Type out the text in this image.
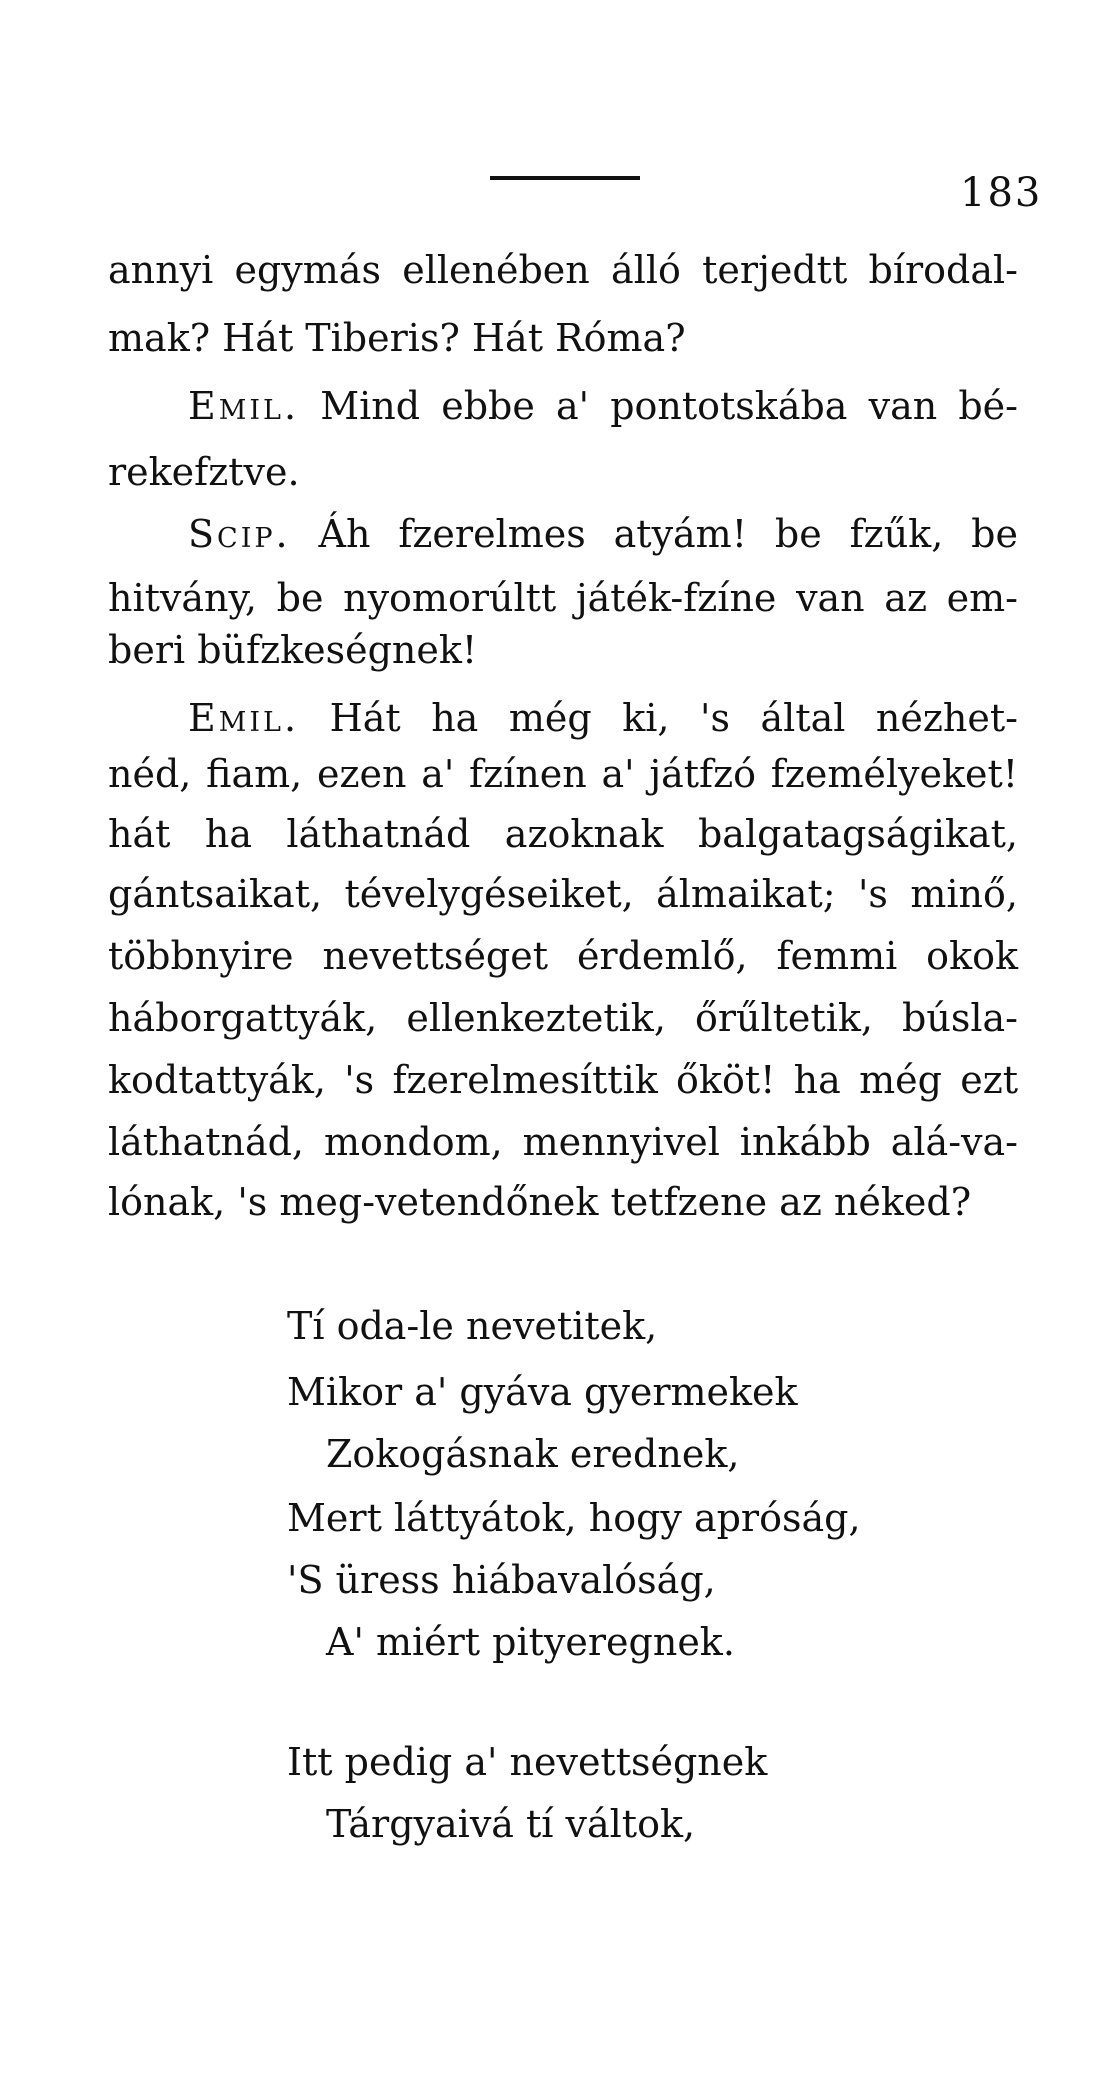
183
annyi egymás ellenében álló terjedtt bírodal-
mak? Hát Tiberis? Hát Róma?
Emil. Mind ebbe a' pontotskába van bé-
rekefztve.
Scip. Áh fzerelmes atyám! be fzűk, be
hitvány, be nyomorúltt játék-fzíne van az em-
beri büfzkeségnek!
Emil. Hát ha még ki, 's által nézhet-
néd, fiam, ezen a' fzínen a' játfzó fzemélyeket!
hát ha láthatnád azoknak balgatagságikat,
gántsaikat, tévelygéseiket, álmaikat; 's minő,
többnyire nevettséget érdemlő, femmi okok
háborgattyák, ellenkeztetik, őrűltetik, búsla-
kodtattyák, 's fzerelmesíttik őköt! ha még ezt
láthatnád, mondom, mennyivel inkább alá-va-
lónak, 's meg-vetendőnek tetfzene az néked?
Tí oda-le nevetitek,
Mikor a' gyáva gyermekek
Zokogásnak erednek,
Mert láttyátok, hogy apróság,
'S üress hiábavalóság,
A' miért pityeregnek.
Itt pedig a' nevettségnek
Tárgyaivá tí váltok,
